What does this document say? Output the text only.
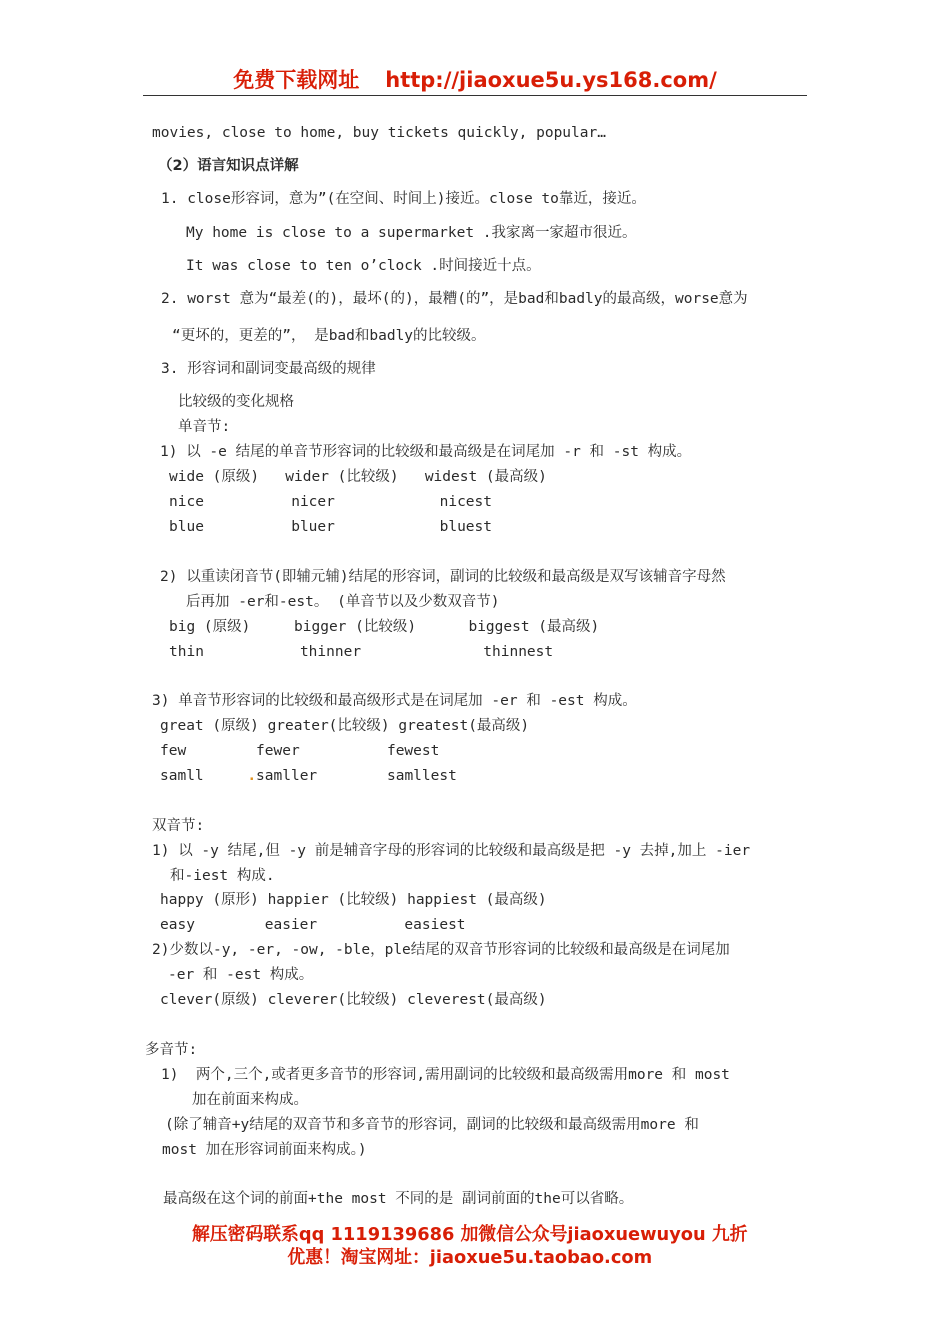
免费下载网址 http://jiaoxue5u.ys168.com/
movies, close to home, buy tickets quickly, popular…
（2）语言知识点详解
1. close形容词，意为”(在空间、时间上)接近。close to靠近，接近。
My home is close to a supermarket .我家离一家超市很近。
It was close to ten o’clock .时间接近十点。
2. worst 意为“最差(的)，最坏(的)，最糟(的”，是bad和badly的最高级，worse意为
“更坏的，更差的”， 是bad和badly的比较级。
3. 形容词和副词变最高级的规律
比较级的变化规格
单音节:
1) 以 -e 结尾的单音节形容词的比较级和最高级是在词尾加 -r 和 -st 构成。
wide (原级)   wider (比较级)   widest (最高级)
nice          nicer            nicest
blue          bluer            bluest
2) 以重读闭音节(即辅元辅)结尾的形容词，副词的比较级和最高级是双写该辅音字母然
后再加 -er和-est。 (单音节以及少数双音节)
big (原级)     bigger (比较级)      biggest (最高级)
thin           thinner              thinnest
3) 单音节形容词的比较级和最高级形式是在词尾加 -er 和 -est 构成。
great (原级) greater(比较级) greatest(最高级)
few        fewer          fewest
samll	.samller        samllest
双音节:
1) 以 -y 结尾,但 -y 前是辅音字母的形容词的比较级和最高级是把 -y 去掉,加上 -ier
和-iest 构成.
happy (原形) happier (比较级) happiest (最高级)
easy        easier          easiest
2)少数以-y, -er, -ow, -ble，ple结尾的双音节形容词的比较级和最高级是在词尾加
-er 和 -est 构成。
clever(原级) cleverer(比较级) cleverest(最高级)
多音节:
1)  两个,三个,或者更多音节的形容词,需用副词的比较级和最高级需用more 和 most
加在前面来构成。
(除了辅音+y结尾的双音节和多音节的形容词，副词的比较级和最高级需用more 和
most 加在形容词前面来构成。)
最高级在这个词的前面+the most 不同的是 副词前面的the可以省略。
解压密码联系qq 1119139686 加微信公众号jiaoxuewuyou 九折
优惠！淘宝网址：jiaoxue5u.taobao.com
